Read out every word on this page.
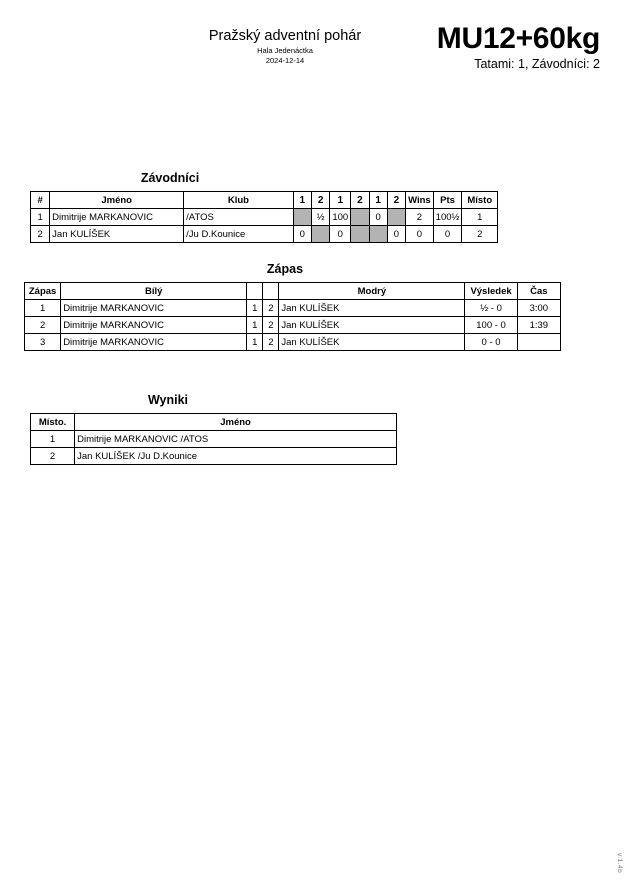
Pražský adventní pohár
Hala Jedenáctka
2024-12-14
MU12+60kg
Tatami: 1, Závodníci: 2
Závodníci
#	Jméno	Klub	1	2	1	2	1	2	Wins	Pts	Místo
1	Dimitrije MARKANOVIC	/ATOS		½	100		0		2	100½	1
2	Jan KULÍŠEK	/Ju D.Kounice	0		0			0	0	0	2
Zápas
Zápas	Bílý			Modrý	Výsledek	Čas
1	Dimitrije MARKANOVIC	1	2	Jan KULÍŠEK	½ - 0	3:00
2	Dimitrije MARKANOVIC	1	2	Jan KULÍŠEK	100 - 0	1:39
3	Dimitrije MARKANOVIC	1	2	Jan KULÍŠEK	0 - 0	
Wyniki
Místo.	Jméno
1	Dimitrije MARKANOVIC /ATOS
2	Jan KULÍŠEK /Ju D.Kounice
v.1.4b
